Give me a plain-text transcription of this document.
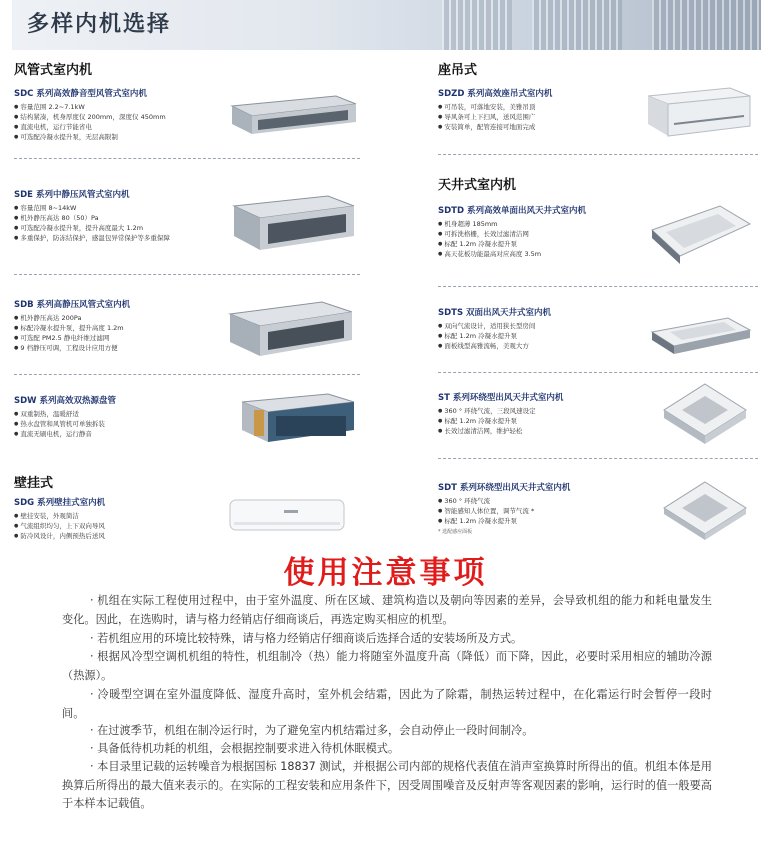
多样内机选择
风管式室内机	座吊式
天井式室内机
壁挂式
SDC 系列高效静音型风管式室内机
● 容量范围 2.2~7.1kW
● 结构紧凑，机身厚度仅 200mm，深度仅 450mm
● 直流电机，运行节能省电
● 可选配冷凝水提升泵，无层高限制
SDE 系列中静压风管式室内机
● 容量范围 8~14kW
● 机外静压高达 80（50）Pa
● 可选配冷凝水提升泵，提升高度最大 1.2m
● 多重保护，防冻结保护，感温包异常保护等多重保障
SDB 系列高静压风管式室内机
● 机外静压高达 200Pa
● 标配冷凝水提升泵，提升高度 1.2m
● 可选配 PM2.5 静电纤维过滤网
● 9 档静压可调，工程设计应用方便
SDW 系列高效双热源盘管
● 双重制热，温暖舒适
● 热水盘管和风管机可单独拆装
● 直流无刷电机，运行静音
SDG 系列壁挂式室内机
● 壁挂安装，外观简洁
● 气流组织均匀，上下双向导风
● 防冷风设计，内侧预热后送风
SDZD 系列高效座吊式室内机
● 可吊装，可落地安装，美雅吊顶
● 导风条可上下扫风，送风范围广
● 安装简单，配管连接可地面完成
SDTD 系列高效单面出风天井式室内机
● 机身超薄 185mm
● 可拆洗格栅，长效过滤清洁网
● 标配 1.2m 冷凝水提升泵
● 高天花板功能最高对应高度 3.5m
SDTS 双面出风天井式室内机
● 双向气流设计，适用狭长型房间
● 标配 1.2m 冷凝水提升泵
● 面板线型高雅流畅，美观大方
ST 系列环绕型出风天井式室内机
● 360 ° 环绕气流，三段风速设定
● 标配 1.2m 冷凝水提升泵
● 长效过滤清洁网，维护轻松
SDT 系列环绕型出风天井式室内机
● 360 ° 环绕气流
● 智能感知人体位置，调节气流 *
● 标配 1.2m 冷凝水提升泵
* 选配感应面板
使用注意事项
· 机组在实际工程使用过程中，由于室外温度、所在区域、建筑构造以及朝向等因素的差异，会导致机组的能力和耗电量发生变化。因此，在选购时，请与格力经销店仔细商谈后，再选定购买相应的机型。
· 若机组应用的环境比较特殊，请与格力经销店仔细商谈后选择合适的安装场所及方式。
· 根据风冷型空调机机组的特性，机组制冷（热）能力将随室外温度升高（降低）而下降，因此，必要时采用相应的辅助冷源（热源）。
· 冷暖型空调在室外温度降低、湿度升高时，室外机会结霜，因此为了除霜，制热运转过程中，在化霜运行时会暂停一段时间。
· 在过渡季节，机组在制冷运行时，为了避免室内机结霜过多，会自动停止一段时间制冷。
· 具备低待机功耗的机组，会根据控制要求进入待机休眠模式。
· 本目录里记载的运转噪音为根据国标 18837 测试，并根据公司内部的规格代表值在消声室换算时所得出的值。机组本体是用换算后所得出的最大值来表示的。在实际的工程安装和应用条件下，因受周围噪音及反射声等客观因素的影响，运行时的值一般要高于本样本记载值。
